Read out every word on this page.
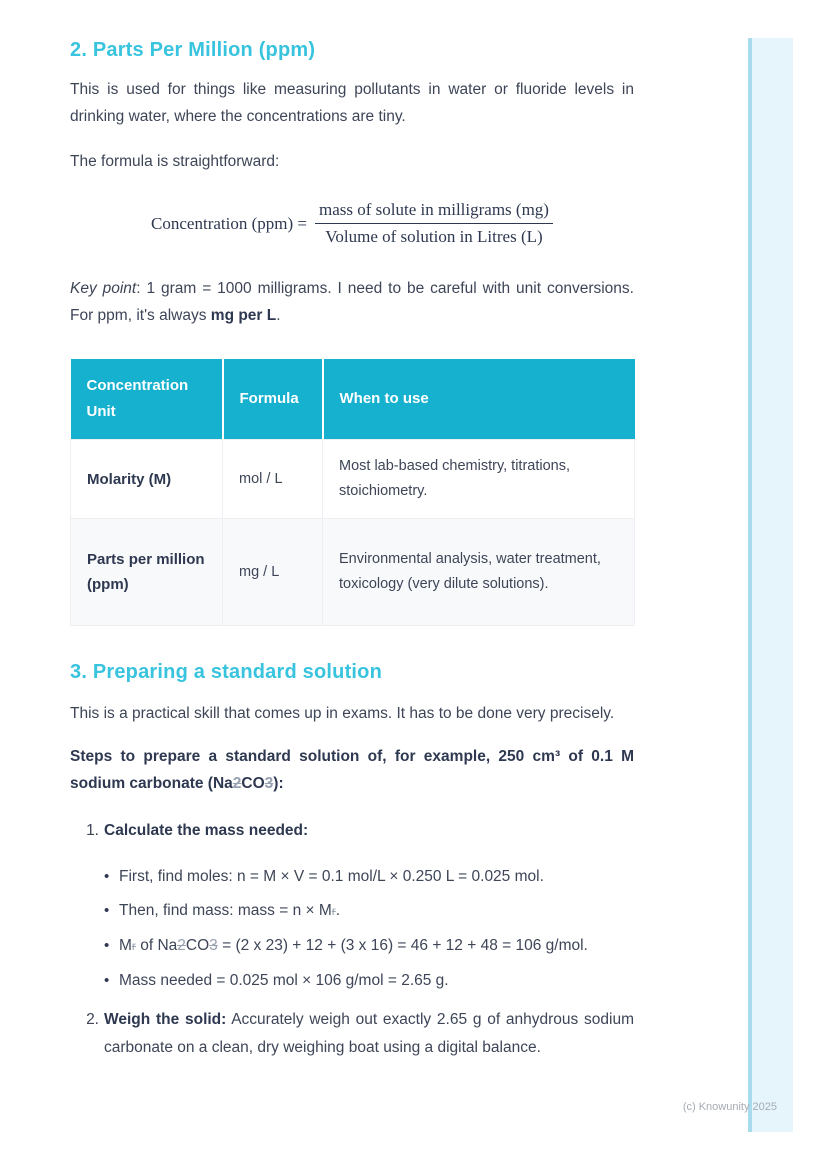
2. Parts Per Million (ppm)

This is used for things like measuring pollutants in water or fluoride levels in drinking water, where the concentrations are tiny.

The formula is straightforward:

Concentration $(ppm) = \frac{\text{mass of solute in milligrams (mg)}}{\text{Volume of solution in Litres (L)}}$

Key point: 1 gram = 1000 milligrams. I need to be careful with unit conversions. For ppm, it's always mg per L.

Concentration Unit	Formula	When to use
Molarity (M)	mol / L	Most lab-based chemistry, titrations, stoichiometry.
Parts per million (ppm)	mg / L	Environmental analysis, water treatment, toxicology (very dilute solutions).
3. Preparing a standard solution

This is a practical skill that comes up in exams. It has to be done very precisely.

Steps to prepare a standard solution of, for example, 250 cm³ of 0.1 M sodium carbonate (Na2CO3):

1. Calculate the mass needed:
• First, find moles: n = M × V = 0.1 mol/L × 0.250 L = 0.025 mol.
• Then, find mass: mass = n × Mr.
• Mr of Na2CO3 = (2 x 23) + 12 + (3 x 16) = 46 + 12 + 48 = 106 g/mol.
• Mass needed = 0.025 mol × 106 g/mol = 2.65 g.
2. Weigh the solid: Accurately weigh out exactly 2.65 g of anhydrous sodium carbonate on a clean, dry weighing boat using a digital balance.
(c) Knowunity 2025
